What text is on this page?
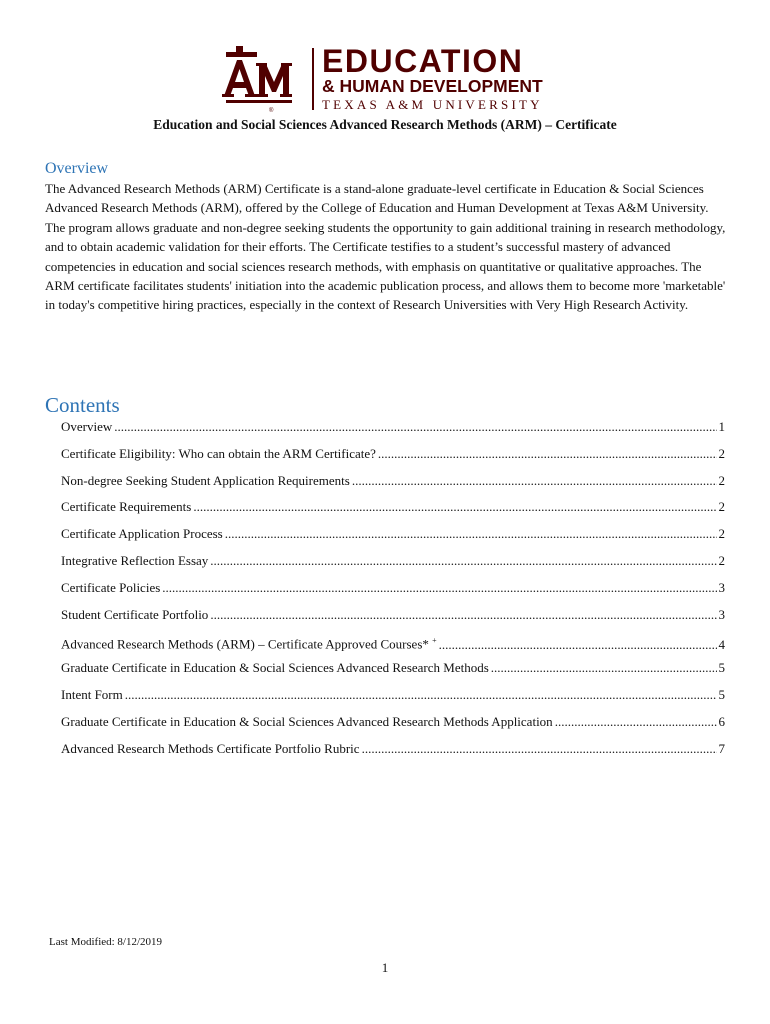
®
EDUCATION
& HUMAN DEVELOPMENT
TEXAS A&M UNIVERSITY
Education and Social Sciences Advanced Research Methods (ARM) – Certificate
Overview
The Advanced Research Methods (ARM) Certificate is a stand-alone graduate-level certificate in Education & Social Sciences Advanced Research Methods (ARM), offered by the College of Education and Human Development at Texas A&M University. The program allows graduate and non-degree seeking students the opportunity to gain additional training in research methodology, and to obtain academic validation for their efforts. The Certificate testifies to a student’s successful mastery of advanced competencies in education and social sciences research methods, with emphasis on quantitative or qualitative approaches. The ARM certificate facilitates students' initiation into the academic publication process, and allows them to become more 'marketable' in today's competitive hiring practices, especially in the context of Research Universities with Very High Research Activity.
Contents
Overview .....	1
Certificate Eligibility: Who can obtain the ARM Certificate? .....	2
Non-degree Seeking Student Application Requirements .....	2
Certificate Requirements .....	2
Certificate Application Process .....	2
Integrative Reflection Essay .....	2
Certificate Policies .....	3
Student Certificate Portfolio .....	3
Advanced Research Methods (ARM) – Certificate Approved Courses* + .....	4
Graduate Certificate in Education & Social Sciences Advanced Research Methods .....	5
Intent Form .....	5
Graduate Certificate in Education & Social Sciences Advanced Research Methods Application .....	6
Advanced Research Methods Certificate Portfolio Rubric .....	7
Last Modified: 8/12/2019
1
